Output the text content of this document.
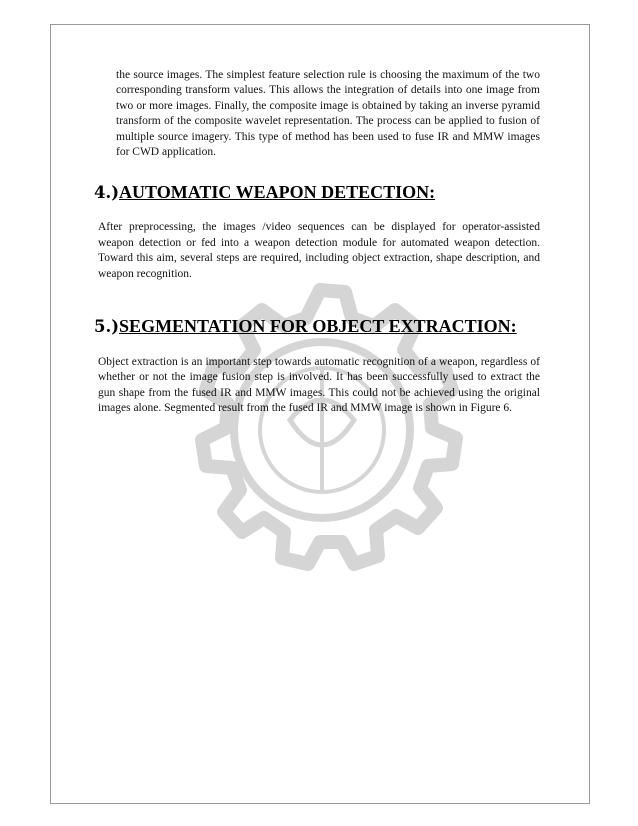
the source images. The simplest feature selection rule is choosing the maximum of the two corresponding transform values. This allows the integration of details into one image from two or more images. Finally, the composite image is obtained by taking an inverse pyramid transform of the composite wavelet representation. The process can be applied to fusion of multiple source imagery. This type of method has been used to fuse IR and MMW images for CWD application.

4.)AUTOMATIC WEAPON DETECTION:

After preprocessing, the images /video sequences can be displayed for operator-assisted weapon detection or fed into a weapon detection module for automated weapon detection. Toward this aim, several steps are required, including object extraction, shape description, and weapon recognition.

5.)SEGMENTATION FOR OBJECT EXTRACTION:

Object extraction is an important step towards automatic recognition of a weapon, regardless of whether or not the image fusion step is involved. It has been successfully used to extract the gun shape from the fused IR and MMW images. This could not be achieved using the original images alone. Segmented result from the fused IR and MMW image is shown in Figure 6.
